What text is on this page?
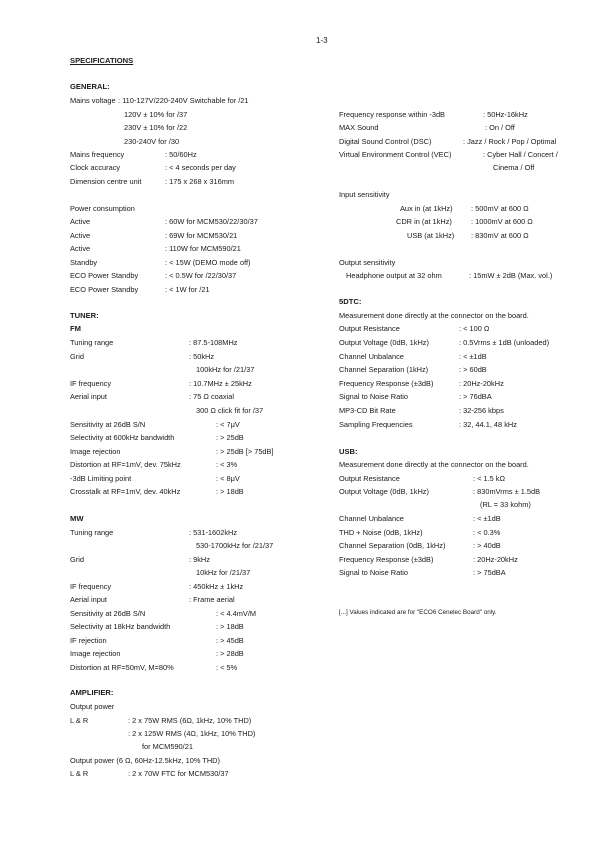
1-3
SPECIFICATIONS
GENERAL:
Mains voltage : 110-127V/220-240V Switchable for /21
120V ± 10% for /37
230V ± 10% for /22
230-240V for /30
Mains frequency	: 50/60Hz
Clock accuracy	: < 4 seconds per day
Dimension centre unit	: 175 x 268 x 316mm
Power consumption
Active	: 60W for MCM530/22/30/37
Active	: 69W for MCM530/21
Active	: 110W for MCM590/21
Standby	: < 15W (DEMO mode off)
ECO Power Standby	: < 0.5W for /22/30/37
ECO Power Standby	: < 1W for /21
TUNER:
FM
Tuning range	: 87.5-108MHz
Grid	: 50kHz
100kHz for /21/37
IF frequency	: 10.7MHz ± 25kHz
Aerial input	: 75 Ω coaxial
300 Ω click fit for /37
Sensitivity at 26dB S/N	: < 7μV
Selectivity at 600kHz bandwidth	: > 25dB
Image rejection	: > 25dB [> 75dB]
Distortion at RF=1mV, dev. 75kHz	: < 3%
-3dB Limiting point	: < 8μV
Crosstalk at RF=1mV, dev. 40kHz	: > 18dB
MW
Tuning range	: 531-1602kHz
530-1700kHz for /21/37
Grid	: 9kHz
10kHz for /21/37
IF frequency	: 450kHz ± 1kHz
Aerial input	: Frame aerial
Sensitivity at 26dB S/N	: < 4.4mV/M
Selectivity at 18kHz bandwidth	: > 18dB
IF rejection	: > 45dB
Image rejection	: > 28dB
Distortion at RF=50mV, M=80%	: < 5%
AMPLIFIER:
Output power
L & R	: 2 x 75W RMS (6Ω, 1kHz, 10% THD)
: 2 x 125W RMS (4Ω, 1kHz, 10% THD)
for MCM590/21
Output power (6 Ω, 60Hz-12.5kHz, 10% THD)
L & R	: 2 x 70W FTC for MCM530/37
Frequency response within -3dB	: 50Hz-16kHz
MAX Sound	: On / Off
Digital Sound Control (DSC)	: Jazz / Rock / Pop / Optimal
Virtual Environment Control (VEC)	: Cyber Hall / Concert /
Cinema / Off
Input sensitivity
Aux in (at 1kHz) : 500mV at 600 Ω
CDR in (at 1kHz)	: 1000mV at 600 Ω
USB (at 1kHz) : 830mV at 600 Ω
Output sensitivity
Headphone output at 32 ohm	: 15mW ± 2dB (Max. vol.)
5DTC:
Measurement done directly at the connector on the board.
Output Resistance	: < 100 Ω
Output Voltage (0dB, 1kHz)	: 0.5Vrms ± 1dB (unloaded)
Channel Unbalance	: < ±1dB
Channel Separation (1kHz)	: > 60dB
Frequency Response (±3dB)	: 20Hz-20kHz
Signal to Noise Ratio	: > 76dBA
MP3-CD Bit Rate	: 32-256 kbps
Sampling Frequencies	: 32, 44.1, 48 kHz
USB:
Measurement done directly at the connector on the board.
Output Resistance	: < 1.5 kΩ
Output Voltage (0dB, 1kHz)	: 830mVrms ± 1.5dB
(RL = 33 kohm)
Channel Unbalance	: < ±1dB
THD + Noise (0dB, 1kHz)	: < 0.3%
Channel Separation (0dB, 1kHz)	: > 40dB
Frequency Response (±3dB)	: 20Hz-20kHz
Signal to Noise Ratio	: > 75dBA
[...] Values indicated are for "ECO6 Cenelec Board" only.
